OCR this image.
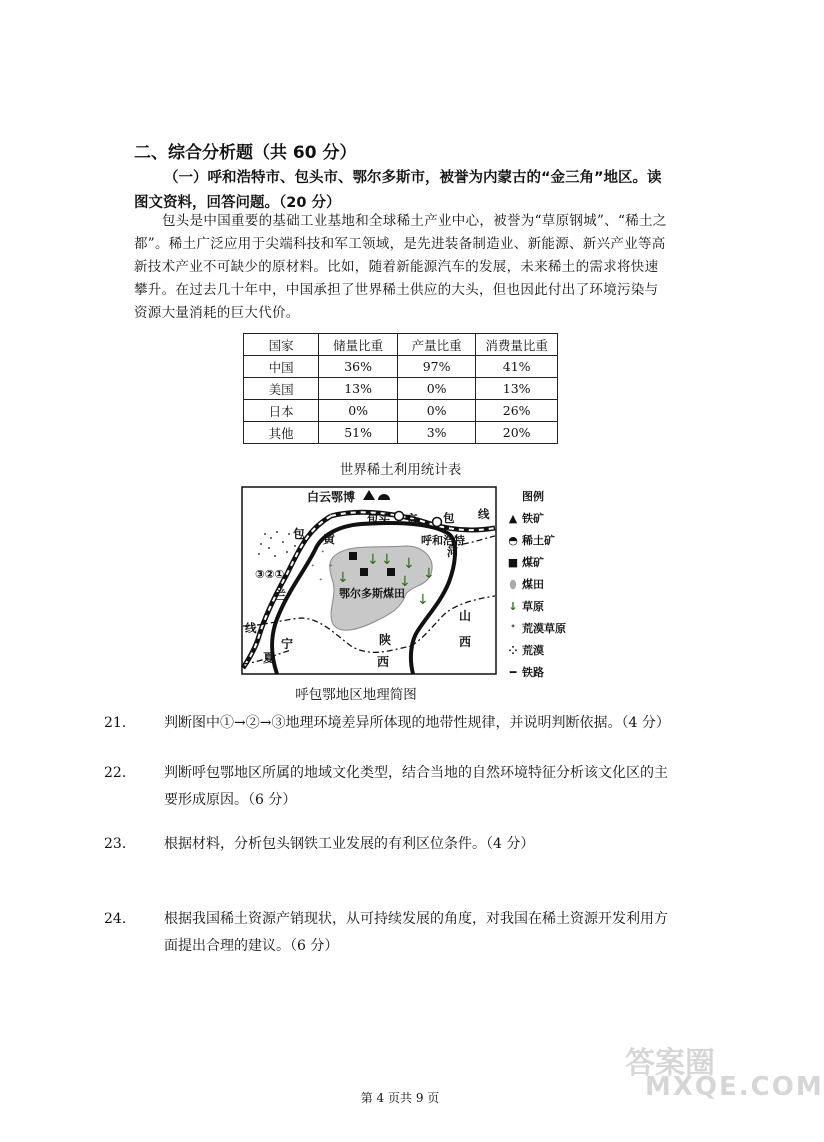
二、综合分析题（共 60 分）
（一）呼和浩特市、包头市、鄂尔多斯市，被誉为内蒙古的“金三角”地区。读图文资料，回答问题。（20 分）
包头是中国重要的基础工业基地和全球稀土产业中心，被誉为“草原钢城”、“稀土之都”。稀土广泛应用于尖端科技和军工领域，是先进装备制造业、新能源、新兴产业等高新技术产业不可缺少的原材料。比如，随着新能源汽车的发展，未来稀土的需求将快速攀升。在过去几十年中，中国承担了世界稀土供应的大头，但也因此付出了环境污染与资源大量消耗的巨大代价。
国家	储量比重	产量比重	消费量比重
中国	36%	97%	41%
美国	13%	0%	13%
日本	0%	0%	26%
其他	51%	3%	20%
世界稀土利用统计表
↓
↓ ↓
↓	↓
↓
↓
ᐩ
ᐩ
ᐩ
ᐩ
白云鄂博
包头 京 包 线
包 黄	呼和浩特
河
鄂尔多斯煤田
③②①
兰
线
宁
夏
陕
西
山
西
图例
▲ 铁矿
◓ 稀土矿
■ 煤矿
⬮ 煤田
↓ 草原
ᐩ 荒漠草原
⁘ 荒漠
━ 铁路
呼包鄂地区地理简图
21． 判断图中①→②→③地理环境差异所体现的地带性规律，并说明判断依据。（4 分）
22． 判断呼包鄂地区所属的地域文化类型，结合当地的自然环境特征分析该文化区的主要形成原因。（6 分）
23． 根据材料，分析包头钢铁工业发展的有利区位条件。（4 分）
24． 根据我国稀土资源产销现状，从可持续发展的角度，对我国在稀土资源开发利用方面提出合理的建议。（6 分）
第 4 页共 9 页
答案圈
MXQE.COM
